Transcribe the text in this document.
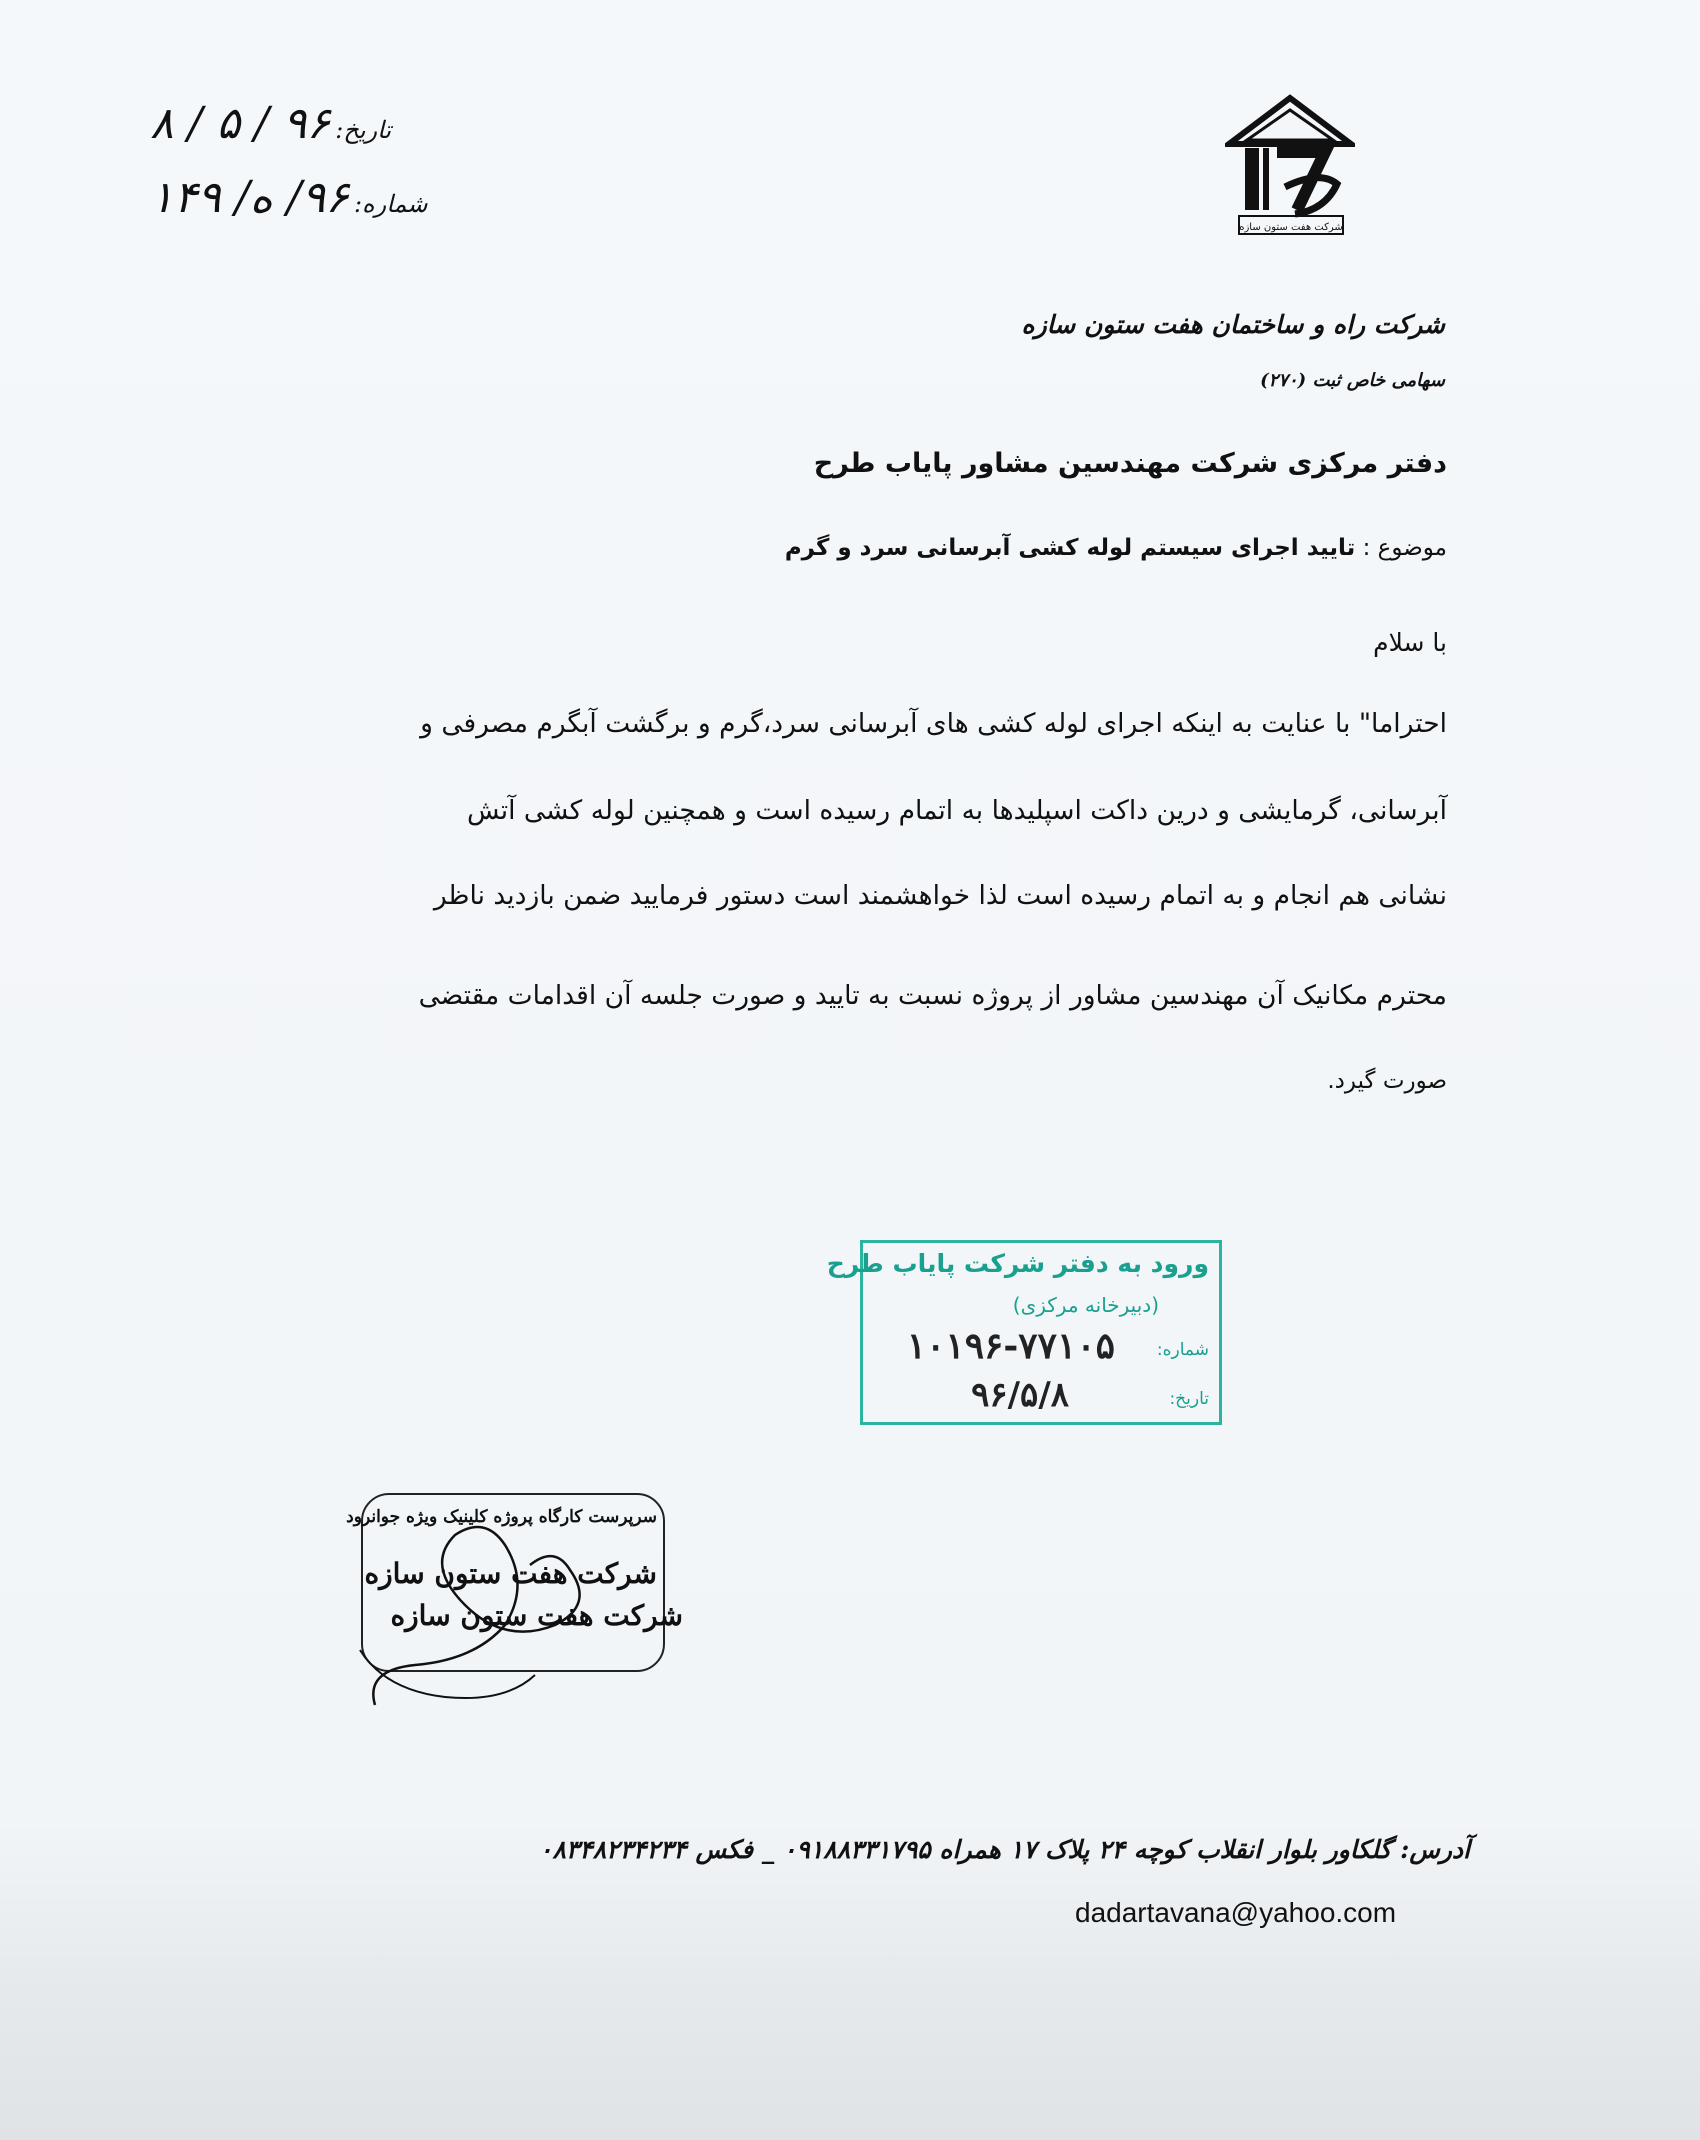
تاریخ: ۹۶ / ۵ / ۸
شماره: ۹۶/ ه/ ۱۴۹
شرکت هفت ستون سازه
شرکت راه و ساختمان هفت ستون سازه
سهامی خاص ثبت (۲۷۰)
دفتر مرکزی شرکت مهندسین مشاور پایاب طرح
موضوع : تایید اجرای سیستم لوله کشی آبرسانی سرد و گرم
با سلام
احتراما" با عنایت به اینکه اجرای لوله کشی های آبرسانی سرد،گرم و برگشت آبگرم مصرفی و
آبرسانی، گرمایشی و درین داکت اسپلیدها به اتمام رسیده است و همچنین لوله کشی آتش
نشانی هم انجام و به اتمام رسیده است لذا خواهشمند است دستور فرمایید ضمن بازدید ناظر
محترم مکانیک آن مهندسین مشاور از پروژه نسبت به تایید و صورت جلسه آن اقدامات مقتضی
صورت گیرد.
ورود به دفتر شرکت پایاب طرح
(دبیرخانه مرکزی)
شماره:
۱۰۱۹۶-۷۷۱۰۵
تاریخ:
۹۶/۵/۸
سرپرست کارگاه پروژه کلینیک ویژه جوانرود
شرکت هفت ستون سازه
شرکت هفت ستون سازه
آدرس: گلکاور بلوار انقلاب کوچه ۲۴ پلاک ۱۷ همراه ۰۹۱۸۸۳۳۱۷۹۵ _ فکس ۰۸۳۴۸۲۳۴۲۳۴
dadartavana@yahoo.com
